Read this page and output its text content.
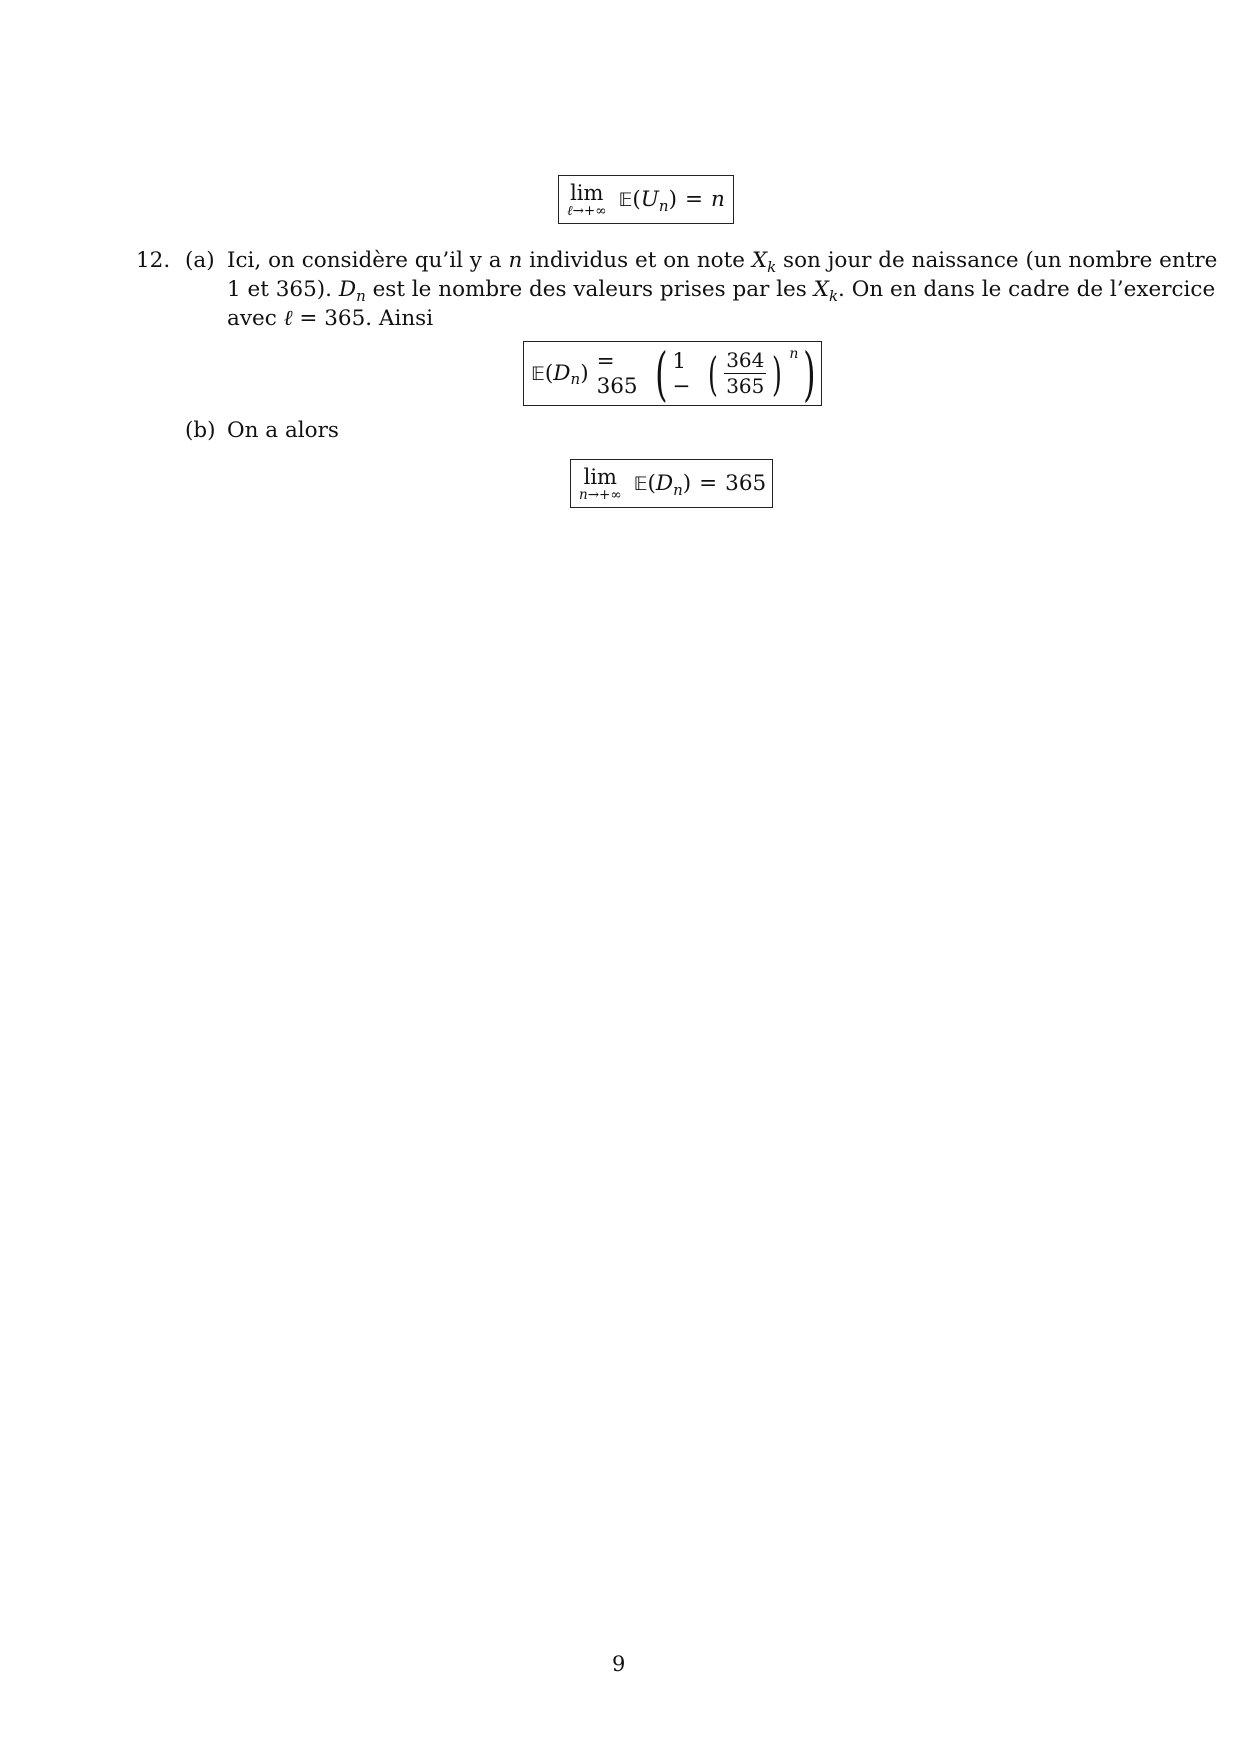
lim
ℓ→+∞ $𝔼(U_n) = n$
12. (a) Ici, on considère qu’il y a n individus et on note $X_k$ son jour de naissance (un nombre entre
1 et 365). $D_n$ est le nombre des valeurs prises par les $X_k$. On en dans le cadre de l’exercice
avec ℓ = 365. Ainsi
𝔼 ( D n ) = 365 ( 1 − ( $\frac{364}{365}$ ) n )
(b) On a alors
lim
n→+∞ $𝔼(D_n) = 365$
9
